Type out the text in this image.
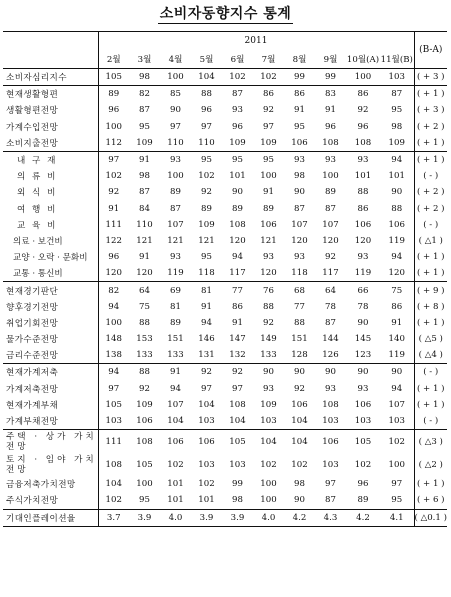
소비자동향지수 통계
	2011										(B-A)
	2월	3월	4월	5월	6월	7월	8월	9월	10월(A)	11월(B)	
소비자심리지수	105	98	100	104	102	102	99	99	100	103	( + 3 )
현재생활형편	89	82	85	88	87	86	86	83	86	87	( + 1 )
생활형편전망	96	87	90	96	93	92	91	91	92	95	( + 3 )
가계수입전망	100	95	97	97	96	97	95	96	96	98	( + 2 )
소비지출전망	112	109	110	110	109	109	106	108	108	109	( + 1 )
내 구 재	97	91	93	95	95	95	93	93	93	94	( + 1 )
의 류 비	102	98	100	102	101	100	98	100	101	101	( - )
외 식 비	92	87	89	92	90	91	90	89	88	90	( + 2 )
여 행 비	91	84	87	89	89	89	87	87	86	88	( + 2 )
교 육 비	111	110	107	109	108	106	107	107	106	106	( - )
의료 · 보건비	122	121	121	121	120	121	120	120	120	119	( △1 )
교양 · 오락 · 문화비	96	91	93	95	94	93	93	92	93	94	( + 1 )
교통 · 통신비	120	120	119	118	117	120	118	117	119	120	( + 1 )
현재경기판단	82	64	69	81	77	76	68	64	66	75	( + 9 )
향후경기전망	94	75	81	91	86	88	77	78	78	86	( + 8 )
취업기회전망	100	88	89	94	91	92	88	87	90	91	( + 1 )
물가수준전망	148	153	151	146	147	149	151	144	145	140	( △5 )
금리수준전망	138	133	133	131	132	133	128	126	123	119	( △4 )
현재가계저축	94	88	91	92	92	90	90	90	90	90	( - )
가계저축전망	97	92	94	97	97	93	92	93	93	94	( + 1 )
현재가계부채	105	109	107	104	108	109	106	108	106	107	( + 1 )
가계부채전망	103	106	104	103	104	103	104	103	103	103	( - )
주택 · 상가 가치전망	111	108	106	106	105	104	104	106	105	102	( △3 )
토지 · 임야 가치전망	108	105	102	103	103	102	102	103	102	100	( △2 )
금융저축가치전망	104	100	101	102	99	100	98	97	96	97	( + 1 )
주식가치전망	102	95	101	101	98	100	90	87	89	95	( + 6 )
기대인플레이션율	3.7	3.9	4.0	3.9	3.9	4.0	4.2	4.3	4.2	4.1	( △0.1 )
